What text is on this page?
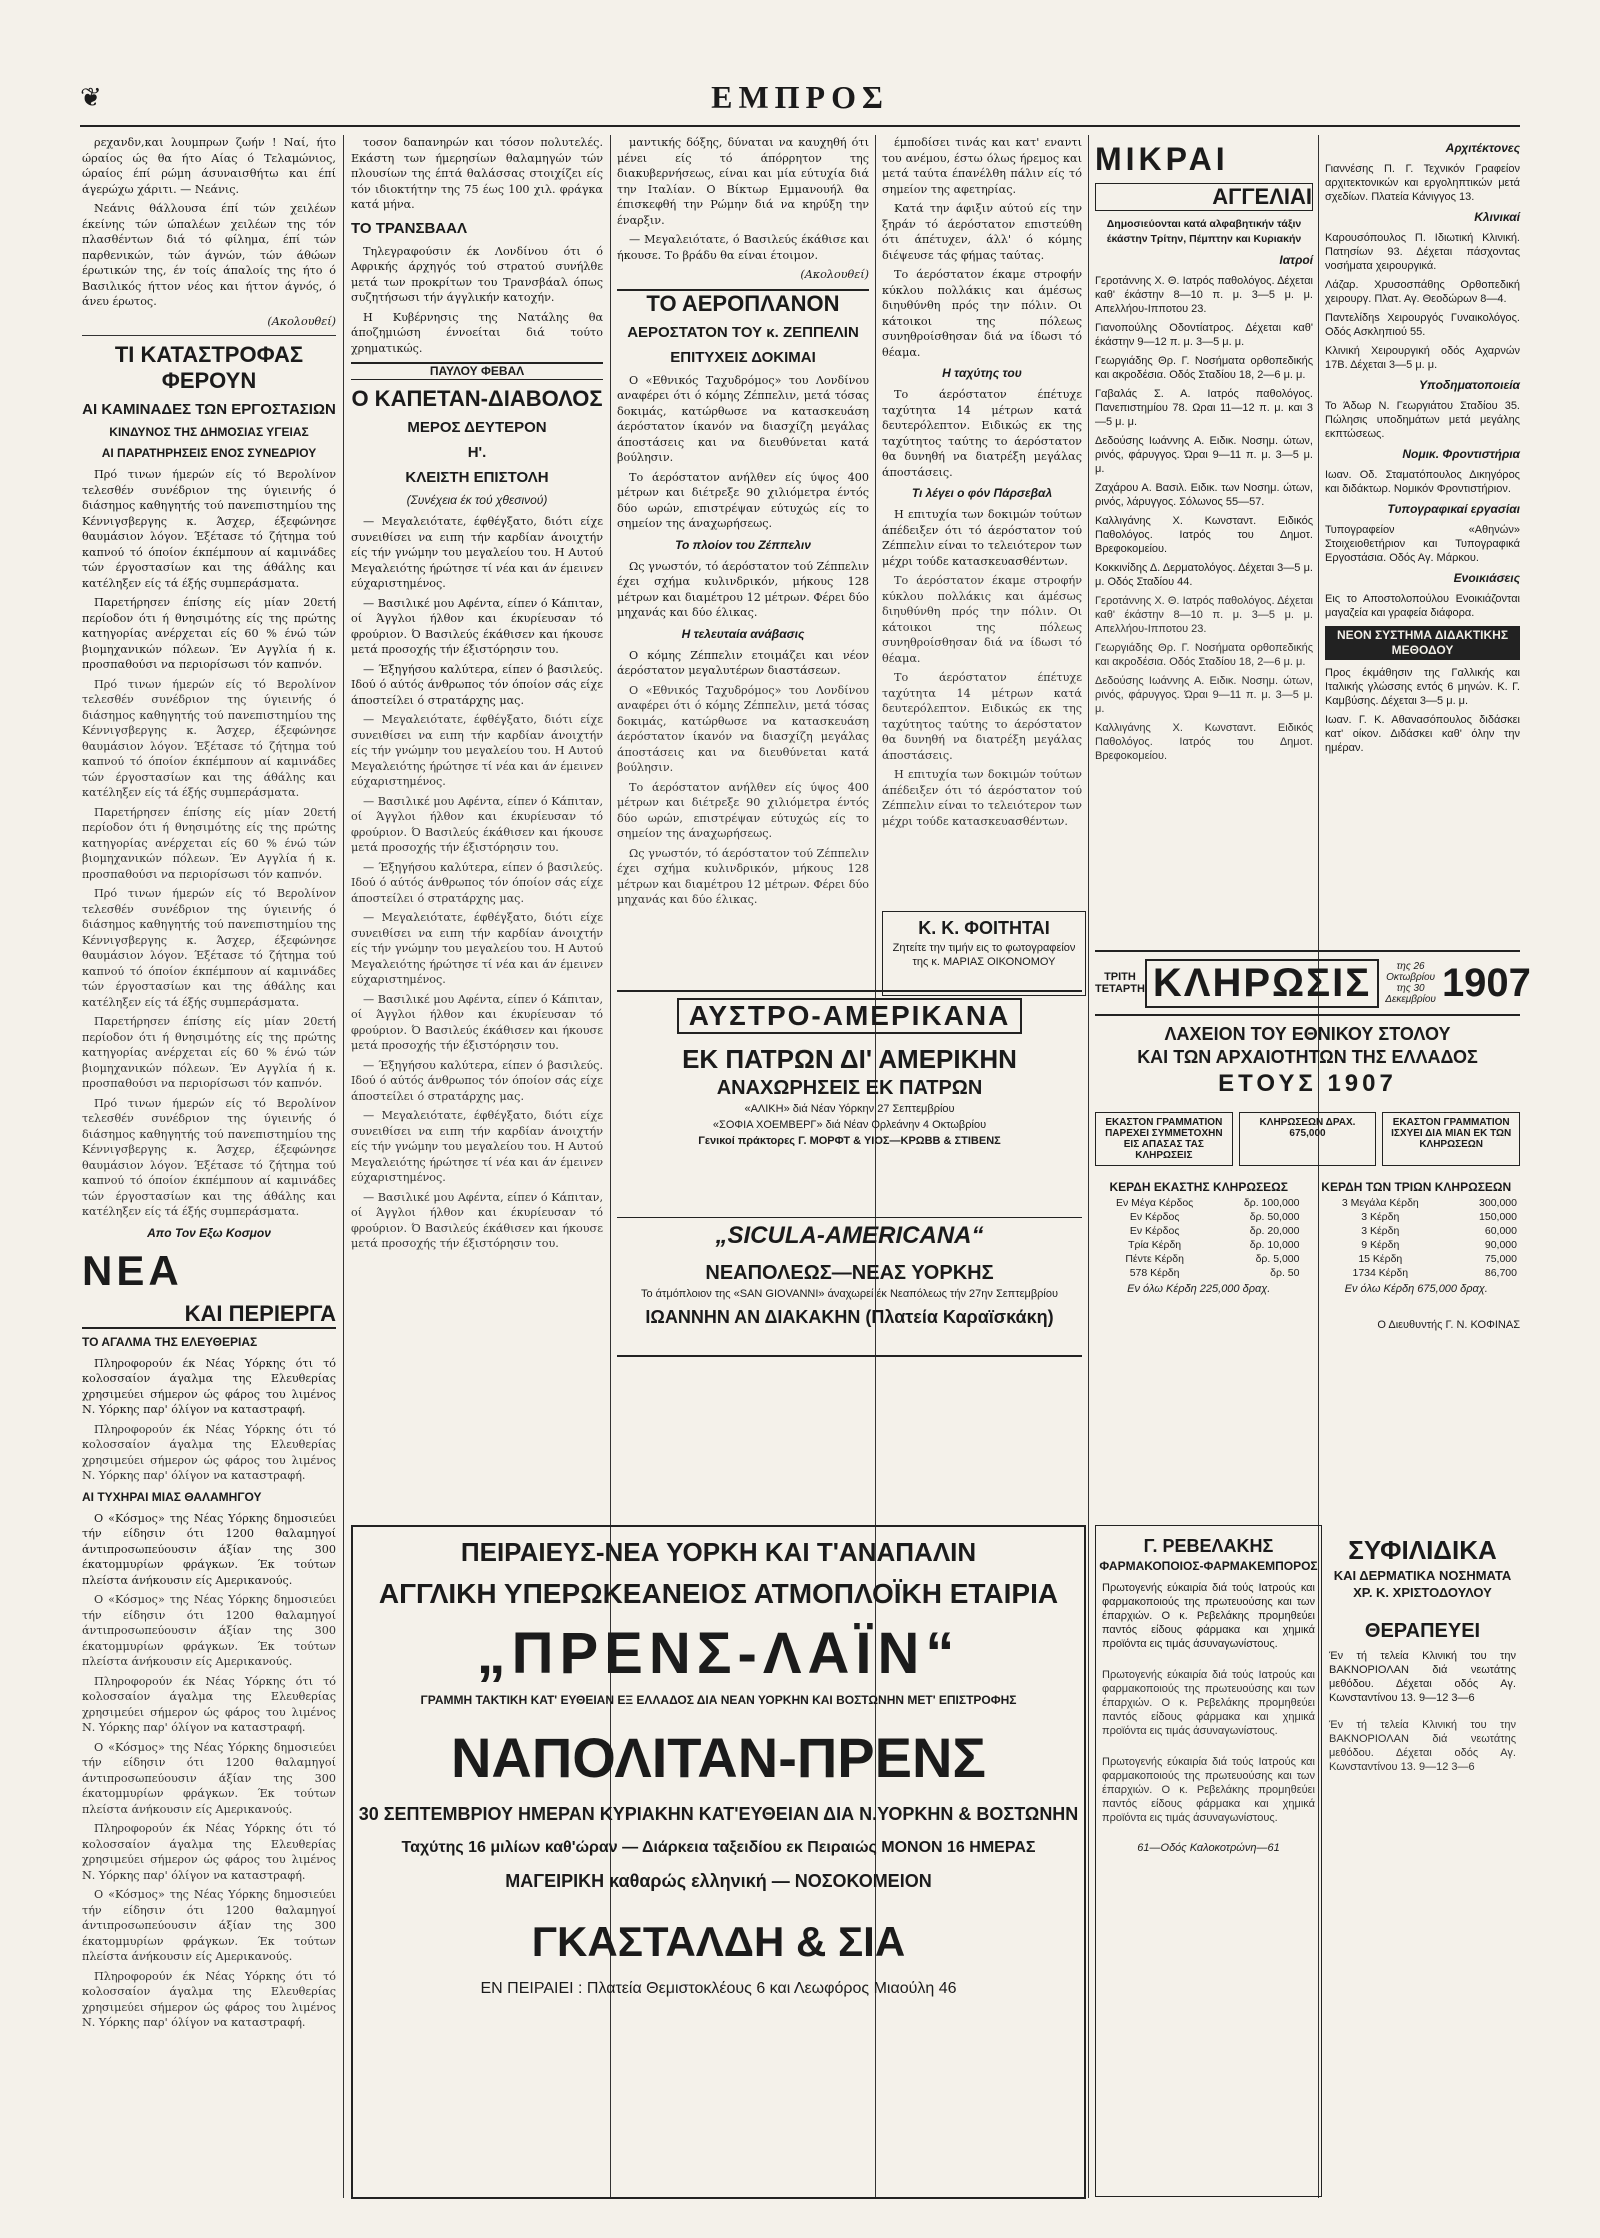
❦	ΕΜΠΡΟΣ

ρεχανδν,και λουμπρων ζωήν ! Ναί, ήτο ώραίος ώς θα ήτο Αίας ό Τελαμώνιος, ώραίος έπί ρώμη άσυναισθήτω και έπί άγερώχω χάριτι. — Νεάνις.

Νεάνις θάλλουσα έπί τών χειλέων έκείνης τών ώπαλέων χειλέων της τόν πλασθέντων διά τό φίλημα, έπί τών παρθενικών, τών άγνών, τών άθώων έρωτικών της, έν τοίς άπαλοίς της ήτο ό Βασιλικός ήττον νέος και ήττον άγνός, ό άνευ έρωτος.

(Ακολουθεί)
ΤΙ ΚΑΤΑΣΤΡΟΦΑΣ ΦΕΡΟΥΝ
ΑΙ ΚΑΜΙΝΑΔΕΣ ΤΩΝ ΕΡΓΟΣΤΑΣΙΩΝ
ΚΙΝΔΥΝΟΣ ΤΗΣ ΔΗΜΟΣΙΑΣ ΥΓΕΙΑΣ
ΑΙ ΠΑΡΑΤΗΡΗΣΕΙΣ ΕΝΟΣ ΣΥΝΕΔΡΙΟΥ

Πρό τινων ήμερών είς τό Βερολίνον τελεσθέν συνέδριον της ύγιεινής ό διάσημος καθηγητής τού πανεπιστημίου της Κέννιγσβεργης κ. Άσχερ, έξεφώνησε θαυμάσιον λόγον. Έξέτασε τό ζήτημα τού καπνού τό όποίον έκπέμπουν αί καμινάδες τών έργοστασίων και της άθάλης και κατέληξεν είς τά έξής συμπεράσματα.

Παρετήρησεν έπίσης είς μίαν 20ετή περίοδον ότι ή θνησιμότης είς της πρώτης κατηγορίας ανέρχεται είς 60 % ένώ τών βιομηχανικών πόλεων. Έν Αγγλία ή κ. προσπαθούσι να περιορίσωσι τόν καπνόν.

Πρό τινων ήμερών είς τό Βερολίνον τελεσθέν συνέδριον της ύγιεινής ό διάσημος καθηγητής τού πανεπιστημίου της Κέννιγσβεργης κ. Άσχερ, έξεφώνησε θαυμάσιον λόγον. Έξέτασε τό ζήτημα τού καπνού τό όποίον έκπέμπουν αί καμινάδες τών έργοστασίων και της άθάλης και κατέληξεν είς τά έξής συμπεράσματα.

Παρετήρησεν έπίσης είς μίαν 20ετή περίοδον ότι ή θνησιμότης είς της πρώτης κατηγορίας ανέρχεται είς 60 % ένώ τών βιομηχανικών πόλεων. Έν Αγγλία ή κ. προσπαθούσι να περιορίσωσι τόν καπνόν.

Πρό τινων ήμερών είς τό Βερολίνον τελεσθέν συνέδριον της ύγιεινής ό διάσημος καθηγητής τού πανεπιστημίου της Κέννιγσβεργης κ. Άσχερ, έξεφώνησε θαυμάσιον λόγον. Έξέτασε τό ζήτημα τού καπνού τό όποίον έκπέμπουν αί καμινάδες τών έργοστασίων και της άθάλης και κατέληξεν είς τά έξής συμπεράσματα.

Παρετήρησεν έπίσης είς μίαν 20ετή περίοδον ότι ή θνησιμότης είς της πρώτης κατηγορίας ανέρχεται είς 60 % ένώ τών βιομηχανικών πόλεων. Έν Αγγλία ή κ. προσπαθούσι να περιορίσωσι τόν καπνόν.

Πρό τινων ήμερών είς τό Βερολίνον τελεσθέν συνέδριον της ύγιεινής ό διάσημος καθηγητής τού πανεπιστημίου της Κέννιγσβεργης κ. Άσχερ, έξεφώνησε θαυμάσιον λόγον. Έξέτασε τό ζήτημα τού καπνού τό όποίον έκπέμπουν αί καμινάδες τών έργοστασίων και της άθάλης και κατέληξεν είς τά έξής συμπεράσματα.

Απο Τον Εξω Κοσμον
ΝΕΑ
ΚΑΙ ΠΕΡΙΕΡΓΑ
ΤΟ ΑΓΑΛΜΑ ΤΗΣ ΕΛΕΥΘΕΡΙΑΣ

Πληροφορούν έκ Νέας Υόρκης ότι τό κολοσσαίον άγαλμα της Ελευθερίας χρησιμεύει σήμερον ώς φάρος του λιμένος Ν. Υόρκης παρ' όλίγον να καταστραφή.

Πληροφορούν έκ Νέας Υόρκης ότι τό κολοσσαίον άγαλμα της Ελευθερίας χρησιμεύει σήμερον ώς φάρος του λιμένος Ν. Υόρκης παρ' όλίγον να καταστραφή.

ΑΙ ΤΥΧΗΡΑΙ ΜΙΑΣ ΘΑΛΑΜΗΓΟΥ

Ο «Κόσμος» της Νέας Υόρκης δημοσιεύει τήν είδησιν ότι 1200 θαλαμηγοί άντιπροσωπεύουσιν άξίαν της 300 έκατομμυρίων φράγκων. Έκ τούτων πλείστα άνήκουσιν είς Αμερικανούς.

Ο «Κόσμος» της Νέας Υόρκης δημοσιεύει τήν είδησιν ότι 1200 θαλαμηγοί άντιπροσωπεύουσιν άξίαν της 300 έκατομμυρίων φράγκων. Έκ τούτων πλείστα άνήκουσιν είς Αμερικανούς.

Πληροφορούν έκ Νέας Υόρκης ότι τό κολοσσαίον άγαλμα της Ελευθερίας χρησιμεύει σήμερον ώς φάρος του λιμένος Ν. Υόρκης παρ' όλίγον να καταστραφή.

Ο «Κόσμος» της Νέας Υόρκης δημοσιεύει τήν είδησιν ότι 1200 θαλαμηγοί άντιπροσωπεύουσιν άξίαν της 300 έκατομμυρίων φράγκων. Έκ τούτων πλείστα άνήκουσιν είς Αμερικανούς.

Πληροφορούν έκ Νέας Υόρκης ότι τό κολοσσαίον άγαλμα της Ελευθερίας χρησιμεύει σήμερον ώς φάρος του λιμένος Ν. Υόρκης παρ' όλίγον να καταστραφή.

Ο «Κόσμος» της Νέας Υόρκης δημοσιεύει τήν είδησιν ότι 1200 θαλαμηγοί άντιπροσωπεύουσιν άξίαν της 300 έκατομμυρίων φράγκων. Έκ τούτων πλείστα άνήκουσιν είς Αμερικανούς.

Πληροφορούν έκ Νέας Υόρκης ότι τό κολοσσαίον άγαλμα της Ελευθερίας χρησιμεύει σήμερον ώς φάρος του λιμένος Ν. Υόρκης παρ' όλίγον να καταστραφή.

τοσον δαπανηρών και τόσον πολυτελές. Εκάστη των ήμερησίων θαλαμηγών τών πλουσίων της έπτά θαλάσσας στοιχίζει είς τόν ιδιοκτήτην της 75 έως 100 χιλ. φράγκα κατά μήνα.

ΤΟ ΤΡΑΝΣΒΑΑΛ

Τηλεγραφούσιν έκ Λονδίνου ότι ό Αφρικής άρχηγός τού στρατού συνήλθε μετά των προκρίτων του Τρανσβάαλ όπως συζητήσωσι τήν άγγλικήν κατοχήν.

Η Κυβέρνησις της Νατάλης θα άποζημιώση έννοείται διά τούτο χρηματικώς.

ΠΑΥΛΟΥ ΦΕΒΑΛ
Ο ΚΑΠΕΤΑΝ-ΔΙΑΒΟΛΟΣ
ΜΕΡΟΣ ΔΕΥΤΕΡΟΝ
Η'.
ΚΛΕΙΣΤΗ ΕΠΙΣΤΟΛΗ
(Συνέχεια έκ τού χθεσινού)

— Μεγαλειότατε, έφθέγξατο, διότι είχε συνειθίσει να ειπη τήν καρδίαν άνοιχτήν είς τήν γνώμην του μεγαλείου του. Η Αυτού Μεγαλειότης ήρώτησε τί νέα και άν έμεινεν εύχαριστημένος.

— Βασιλικέ μου Αφέντα, είπεν ό Κάπιταν, οί Άγγλοι ήλθον και έκυρίευσαν τό φρούριον. Ό Βασιλεύς έκάθισεν και ήκουσε μετά προσοχής τήν έξιστόρησιν του.

— Έξηγήσου καλύτερα, είπεν ό βασιλεύς. Ιδού ό αύτός άνθρωπος τόν όποίον σάς είχε άποστείλει ό στρατάρχης μας.

— Μεγαλειότατε, έφθέγξατο, διότι είχε συνειθίσει να ειπη τήν καρδίαν άνοιχτήν είς τήν γνώμην του μεγαλείου του. Η Αυτού Μεγαλειότης ήρώτησε τί νέα και άν έμεινεν εύχαριστημένος.

— Βασιλικέ μου Αφέντα, είπεν ό Κάπιταν, οί Άγγλοι ήλθον και έκυρίευσαν τό φρούριον. Ό Βασιλεύς έκάθισεν και ήκουσε μετά προσοχής τήν έξιστόρησιν του.

— Έξηγήσου καλύτερα, είπεν ό βασιλεύς. Ιδού ό αύτός άνθρωπος τόν όποίον σάς είχε άποστείλει ό στρατάρχης μας.

— Μεγαλειότατε, έφθέγξατο, διότι είχε συνειθίσει να ειπη τήν καρδίαν άνοιχτήν είς τήν γνώμην του μεγαλείου του. Η Αυτού Μεγαλειότης ήρώτησε τί νέα και άν έμεινεν εύχαριστημένος.

— Βασιλικέ μου Αφέντα, είπεν ό Κάπιταν, οί Άγγλοι ήλθον και έκυρίευσαν τό φρούριον. Ό Βασιλεύς έκάθισεν και ήκουσε μετά προσοχής τήν έξιστόρησιν του.

— Έξηγήσου καλύτερα, είπεν ό βασιλεύς. Ιδού ό αύτός άνθρωπος τόν όποίον σάς είχε άποστείλει ό στρατάρχης μας.

— Μεγαλειότατε, έφθέγξατο, διότι είχε συνειθίσει να ειπη τήν καρδίαν άνοιχτήν είς τήν γνώμην του μεγαλείου του. Η Αυτού Μεγαλειότης ήρώτησε τί νέα και άν έμεινεν εύχαριστημένος.

— Βασιλικέ μου Αφέντα, είπεν ό Κάπιταν, οί Άγγλοι ήλθον και έκυρίευσαν τό φρούριον. Ό Βασιλεύς έκάθισεν και ήκουσε μετά προσοχής τήν έξιστόρησιν του.

μαντικής δόξης, δύναται να καυχηθή ότι μένει είς τό άπόρρητον της διακυβερνήσεως, είναι και μία εύτυχία διά την Ιταλίαν. Ο Βίκτωρ Εμμανουήλ θα έπισκεφθή την Ρώμην διά να κηρύξη την έναρξιν.

— Μεγαλειότατε, ό Βασιλεύς έκάθισε και ήκουσε. Το βράδυ θα είναι έτοιμον.

(Ακολουθεί)
ΤΟ ΑΕΡΟΠΛΑΝΟΝ
ΑΕΡΟΣΤΑΤΟΝ ΤΟΥ κ. ΖΕΠΠΕΛΙΝ
ΕΠΙΤΥΧΕΙΣ ΔΟΚΙΜΑΙ

Ο «Εθνικός Ταχυδρόμος» του Λονδίνου αναφέρει ότι ό κόμης Ζέππελιν, μετά τόσας δοκιμάς, κατώρθωσε να κατασκευάση άερόστατον ίκανόν να διασχίζη μεγάλας άποστάσεις και να διευθύνεται κατά βούλησιν.

Το άερόστατον ανήλθεν είς ύψος 400 μέτρων και διέτρεξε 90 χιλιόμετρα έντός δύο ωρών, επιστρέψαν εύτυχώς είς το σημείον της άναχωρήσεως.

Το πλοίον του Ζέππελιν

Ως γνωστόν, τό άερόστατον τού Ζέππελιν έχει σχήμα κυλινδρικόν, μήκους 128 μέτρων και διαμέτρου 12 μέτρων. Φέρει δύο μηχανάς και δύο έλικας.

Η τελευταία ανάβασις

Ο κόμης Ζέππελιν ετοιμάζει και νέον άερόστατον μεγαλυτέρων διαστάσεων.

Ο «Εθνικός Ταχυδρόμος» του Λονδίνου αναφέρει ότι ό κόμης Ζέππελιν, μετά τόσας δοκιμάς, κατώρθωσε να κατασκευάση άερόστατον ίκανόν να διασχίζη μεγάλας άποστάσεις και να διευθύνεται κατά βούλησιν.

Το άερόστατον ανήλθεν είς ύψος 400 μέτρων και διέτρεξε 90 χιλιόμετρα έντός δύο ωρών, επιστρέψαν εύτυχώς είς το σημείον της άναχωρήσεως.

Ως γνωστόν, τό άερόστατον τού Ζέππελιν έχει σχήμα κυλινδρικόν, μήκους 128 μέτρων και διαμέτρου 12 μέτρων. Φέρει δύο μηχανάς και δύο έλικας.

έμποδίσει τινάς και κατ' εναντι του ανέμου, έστω όλως ήρεμος και μετά ταύτα έπανέλθη πάλιν είς τό σημείον της αφετηρίας.

Κατά την άφιξιν αύτού είς την ξηράν τό άερόστατον επιστεύθη ότι άπέτυχεν, άλλ' ό κόμης διέψευσε τάς φήμας ταύτας.

Το άερόστατον έκαμε στροφήν κύκλου πολλάκις και άμέσως διηυθύνθη πρός την πόλιν. Οι κάτοικοι της πόλεως συνηθροίσθησαν διά να ίδωσι τό θέαμα.

Η ταχύτης του

Το άερόστατον έπέτυχε ταχύτητα 14 μέτρων κατά δευτερόλεπτον. Ειδικώς εκ της ταχύτητος ταύτης το άερόστατον θα δυνηθή να διατρέξη μεγάλας άποστάσεις.

Τι λέγει ο φόν Πάρσεβαλ

Η επιτυχία των δοκιμών τούτων άπέδειξεν ότι τό άερόστατον τού Ζέππελιν είναι το τελειότερον των μέχρι τούδε κατασκευασθέντων.

Το άερόστατον έκαμε στροφήν κύκλου πολλάκις και άμέσως διηυθύνθη πρός την πόλιν. Οι κάτοικοι της πόλεως συνηθροίσθησαν διά να ίδωσι τό θέαμα.

Το άερόστατον έπέτυχε ταχύτητα 14 μέτρων κατά δευτερόλεπτον. Ειδικώς εκ της ταχύτητος ταύτης το άερόστατον θα δυνηθή να διατρέξη μεγάλας άποστάσεις.

Η επιτυχία των δοκιμών τούτων άπέδειξεν ότι τό άερόστατον τού Ζέππελιν είναι το τελειότερον των μέχρι τούδε κατασκευασθέντων.

Κ. Κ. ΦΟΙΤΗΤΑΙ
Ζητείτε την τιμήν εις το φωτογραφείον της κ. ΜΑΡΙΑΣ ΟΙΚΟΝΟΜΟΥ
ΑΥΣΤΡΟ-ΑΜΕΡΙΚΑΝΑ
ΕΚ ΠΑΤΡΩΝ ΔΙ' ΑΜΕΡΙΚΗΝ
ΑΝΑΧΩΡΗΣΕΙΣ ΕΚ ΠΑΤΡΩΝ
«ΑΛΙΚΗ» διά Νέαν Υόρκην 27 Σεπτεμβρίου
«ΣΟΦΙΑ ΧΟΕΜΒΕΡΓ» διά Νέαν Ορλεάνην 4 Οκτωβρίου
Γενικοί πράκτορες Γ. ΜΟΡΦΤ & ΥΙΟΣ—ΚΡΩΒΒ & ΣΤΙΒΕΝΣ
„SICULA-AMERICANA“
ΝΕΑΠΟΛΕΩΣ—ΝΕΑΣ ΥΟΡΚΗΣ
Το άτμόπλοιον της «SAN GIOVANNI» άναχωρεί έκ Νεαπόλεως τήν 27ην Σεπτεμβρίου
ΙΩΑΝΝΗΝ ΑΝ ΔΙΑΚΑΚΗΝ (Πλατεία Καραϊσκάκη)
ΠΕΙΡΑΙΕΥΣ-ΝΕΑ ΥΟΡΚΗ ΚΑΙ Τ'ΑΝΑΠΑΛΙΝ
ΑΓΓΛΙΚΗ ΥΠΕΡΩΚΕΑΝΕΙΟΣ ΑΤΜΟΠΛΟΪΚΗ ΕΤΑΙΡΙΑ
„ΠΡΕΝΣ-ΛΑΪΝ“
ΓΡΑΜΜΗ ΤΑΚΤΙΚΗ ΚΑΤ' ΕΥΘΕΙΑΝ ΕΞ ΕΛΛΑΔΟΣ ΔΙΑ ΝΕΑΝ ΥΟΡΚΗΝ ΚΑΙ ΒΟΣΤΩΝΗΝ ΜΕΤ' ΕΠΙΣΤΡΟΦΗΣ
ΝΑΠΟΛΙΤΑΝ-ΠΡΕΝΣ
30 ΣΕΠΤΕΜΒΡΙΟΥ ΗΜΕΡΑΝ ΚΥΡΙΑΚΗΝ ΚΑΤ'ΕΥΘΕΙΑΝ ΔΙΑ Ν.ΥΟΡΚΗΝ & ΒΟΣΤΩΝΗΝ
Ταχύτης 16 μιλίων καθ'ώραν — Διάρκεια ταξειδίου εκ Πειραιώς ΜΟΝΟΝ 16 ΗΜΕΡΑΣ
ΜΑΓΕΙΡΙΚΗ καθαρώς ελληνική — ΝΟΣΟΚΟΜΕΙΟΝ
ΓΚΑΣΤΑΛΔΗ & ΣΙΑ
ΕΝ ΠΕΙΡΑΙΕΙ : Πλατεία Θεμιστοκλέους 6 και Λεωφόρος Μιαούλη 46
ΜΙΚΡΑΙ
ΑΓΓΕΛΙΑΙ
Δημοσιεύονται κατά αλφαβητικήν τάξιν έκάστην Τρίτην, Πέμπτην και Κυριακήν
Ιατροί
Γεροτάννης Χ. Θ. Ιατρός παθολόγος. Δέχεται καθ' έκάστην 8—10 π. μ. 3—5 μ. μ. Απελλήου-Ιπποτου 23.
Γιανοπούλης Οδοντίατρος. Δέχεται καθ' έκάστην 9—12 π. μ. 3—5 μ. μ.
Γεωργιάδης Θρ. Γ. Νοσήματα ορθοπεδικής και ακροδέσια. Οδός Σταδίου 18, 2—6 μ. μ.
Γαβαλάς Σ. Α. Ιατρός παθολόγος. Πανεπιστημίου 78. Ωραι 11—12 π. μ. και 3—5 μ. μ.
Δεδούσης Ιωάννης Α. Ειδικ. Νοσημ. ώτων, ρινός, φάρυγγος. Ώραι 9—11 π. μ. 3—5 μ. μ.
Ζαχάρου Α. Βασιλ. Ειδικ. των Νοσημ. ώτων, ρινός, λάρυγγος. Σόλωνος 55—57.
Καλλιγάνης Χ. Κωνσταντ. Ειδικός Παθολόγος. Ιατρός του Δημοτ. Βρεφοκομείου.
Κοκκινίδης Δ. Δερματολόγος. Δέχεται 3—5 μ. μ. Οδός Σταδίου 44.
Γεροτάννης Χ. Θ. Ιατρός παθολόγος. Δέχεται καθ' έκάστην 8—10 π. μ. 3—5 μ. μ. Απελλήου-Ιπποτου 23.
Γεωργιάδης Θρ. Γ. Νοσήματα ορθοπεδικής και ακροδέσια. Οδός Σταδίου 18, 2—6 μ. μ.
Δεδούσης Ιωάννης Α. Ειδικ. Νοσημ. ώτων, ρινός, φάρυγγος. Ώραι 9—11 π. μ. 3—5 μ. μ.
Καλλιγάνης Χ. Κωνσταντ. Ειδικός Παθολόγος. Ιατρός του Δημοτ. Βρεφοκομείου.
Αρχιτέκτονες
Γιαννέσης Π. Γ. Τεχνικόν Γραφείον αρχιτεκτονικών και εργοληπτικών μετά σχεδίων. Πλατεία Κάνιγγος 13.
Κλινικαί
Καρουσόπουλος Π. Ιδιωτική Κλινική. Πατησίων 93. Δέχεται πάσχοντας νοσήματα χειρουργικά.
Λάζαρ. Χρυσοσπάθης Ορθοπεδική χειρουργ. Πλατ. Αγ. Θεοδώρων 8—4.
Παντελίδηs Χειρουργός Γυναικολόγος. Οδός Ασκληπιού 55.
Κλινική Χειρουργική οδός Αχαρνών 17Β. Δέχεται 3—5 μ. μ.
Υποδηματοποιεία
Το Άδωρ Ν. Γεωργιάτου Σταδίου 35. Πώλησις υποδημάτων μετά μεγάλης εκπτώσεως.
Νομικ. Φροντιστήρια
Ιωαν. Οδ. Σταματόπουλος Δικηγόρος και διδάκτωρ. Νομικόν Φροντιστήριον.
Τυπογραφικαί εργασίαι
Τυπογραφείον «Αθηνών» Στοιχειοθετήριον και Τυπογραφικά Εργοστάσια. Οδός Αγ. Μάρκου.
Ενοικιάσεις
Εις το Αποστολοπούλου Ενοικιάζονται μαγαζεία και γραφεία διάφορα.
ΝΕΟΝ ΣΥΣΤΗΜΑ ΔΙΔΑΚΤΙΚΗΣ ΜΕΘΟΔΟΥ
Προς έκμάθησιν της Γαλλικής και Ιταλικής γλώσσης εντός 6 μηνών. Κ. Γ. Καμβύσης. Δέχεται 3—5 μ. μ.
Ιωαν. Γ. Κ. Αθανασόπουλος διδάσκει κατ' οίκον. Διδάσκει καθ' όλην την ημέραν.
ΤΡΙΤΗ
ΤΕΤΑΡΤΗ ΚΛΗΡΩΣΙΣ	της 26 Οκτωβρίου
της 30 Δεκεμβρίου 1907
ΛΑΧΕΙΟΝ ΤΟΥ ΕΘΝΙΚΟΥ ΣΤΟΛΟΥ
ΚΑΙ ΤΩΝ ΑΡΧΑΙΟΤΗΤΩΝ ΤΗΣ ΕΛΛΑΔΟΣ
ΕΤΟΥΣ 1907
ΕΚΑΣΤΟΝ ΓΡΑΜΜΑΤΙΟΝ ΠΑΡΕΧΕΙ ΣΥΜΜΕΤΟΧΗΝ ΕΙΣ ΑΠΑΣΑΣ ΤΑΣ ΚΛΗΡΩΣΕΙΣ
ΚΛΗΡΩΣΕΩΝ ΔΡΑΧ. 675,000
ΕΚΑΣΤΟΝ ΓΡΑΜΜΑΤΙΟΝ ΙΣΧΥΕΙ ΔΙΑ ΜΙΑΝ ΕΚ ΤΩΝ ΚΛΗΡΩΣΕΩΝ
ΚΕΡΔΗ ΕΚΑΣΤΗΣ ΚΛΗΡΩΣΕΩΣ
Εν Μέγα Κέρδος	δρ. 100,000
Εν Κέρδος	δρ. 50,000
Εν Κέρδος	δρ. 20,000
Τρία Κέρδη	δρ. 10,000
Πέντε Κέρδη	δρ. 5,000
578 Κέρδη	δρ. 50
Εν όλω Κέρδη 225,000 δραχ.
ΚΕΡΔΗ ΤΩΝ ΤΡΙΩΝ ΚΛΗΡΩΣΕΩΝ
3 Μεγάλα Κέρδη	300,000
3 Κέρδη	150,000
3 Κέρδη	60,000
9 Κέρδη	90,000
15 Κέρδη	75,000
1734 Κέρδη	86,700
Εν όλω Κέρδη 675,000 δραχ.
Ο Διευθυντής Γ. Ν. ΚΟΦΙΝΑΣ
Γ. ΡΕΒΕΛΑΚΗΣ
ΦΑΡΜΑΚΟΠΟΙΟΣ-ΦΑΡΜΑΚΕΜΠΟΡΟΣ
Πρωτογενής εύκαιρία διά τούς Ιατρούς και φαρμακοποιούς της πρωτευούσης και των έπαρχιών. Ο κ. Ρεβελάκης προμηθεύει παντός είδους φάρμακα και χημικά προϊόντα εις τιμάς άσυναγωνίστους.
Πρωτογενής εύκαιρία διά τούς Ιατρούς και φαρμακοποιούς της πρωτευούσης και των έπαρχιών. Ο κ. Ρεβελάκης προμηθεύει παντός είδους φάρμακα και χημικά προϊόντα εις τιμάς άσυναγωνίστους.
Πρωτογενής εύκαιρία διά τούς Ιατρούς και φαρμακοποιούς της πρωτευούσης και των έπαρχιών. Ο κ. Ρεβελάκης προμηθεύει παντός είδους φάρμακα και χημικά προϊόντα εις τιμάς άσυναγωνίστους.
61—Οδός Καλοκοτρώνη—61
ΣΥΦΙΛΙΔΙΚΑ
ΚΑΙ ΔΕΡΜΑΤΙΚΑ ΝΟΣΗΜΑΤΑ
ΧΡ. Κ. ΧΡΙΣΤΟΔΟΥΛΟΥ
ΘΕΡΑΠΕΥΕΙ
Έν τή τελεία Κλινική του την ΒΑΚΝΟΡΙΟΛΑΝ διά νεωτάτης μεθόδου. Δέχεται οδός Αγ. Κωνσταντίνου 13. 9—12 3—6
Έν τή τελεία Κλινική του την ΒΑΚΝΟΡΙΟΛΑΝ διά νεωτάτης μεθόδου. Δέχεται οδός Αγ. Κωνσταντίνου 13. 9—12 3—6
